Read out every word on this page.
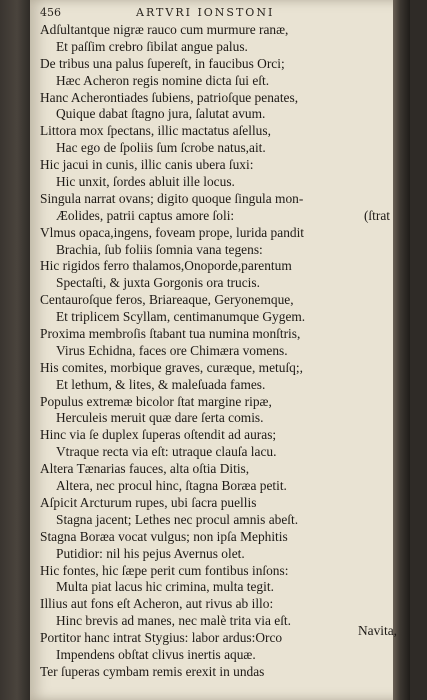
456	ARTVRI IONSTONI
Adſultantque nigræ rauco cum murmure ranæ,
Et paſſim crebro ſibilat angue palus.
De tribus una palus ſupereſt, in faucibus Orci;
Hæc Acheron regis nomine dicta ſui eſt.
Hanc Acherontiades ſubiens, patrioſque penates,
Quique dabat ſtagno jura, ſalutat avum.
Littora mox ſpectans, illic mactatus aſellus,
Hac ego de ſpoliis ſum ſcrobe natus,ait.
Hic jacui in cunis, illic canis ubera ſuxi:
Hic unxit, ſordes abluit ille locus.
Singula narrat ovans; digito quoque ſingula mon-
Æolides, patrii captus amore ſoli:	(ſtrat
Vlmus opaca,ingens, foveam prope, lurida pandit
Brachia, ſub foliis ſomnia vana tegens:
Hic rigidos ferro thalamos,Onoporde,parentum
Spectaſti, & juxta Gorgonis ora trucis.
Centauroſque feros, Briareaque, Geryonemque,
Et triplicem Scyllam, centimanumque Gygem.
Proxima membroſis ſtabant tua numina monſtris,
Virus Echidna, faces ore Chimæra vomens.
His comites, morbique graves, curæque, metuſq;,
Et lethum, & lites, & maleſuada fames.
Populus extremæ bicolor ſtat margine ripæ,
Herculeis meruit quæ dare ſerta comis.
Hinc via ſe duplex ſuperas oſtendit ad auras;
Vtraque recta via eſt: utraque clauſa lacu.
Altera Tænarias fauces, alta oſtia Ditis,
Altera, nec procul hinc, ſtagna Boræa petit.
Aſpicit Arcturum rupes, ubi ſacra puellis
Stagna jacent; Lethes nec procul amnis abeſt.
Stagna Boræa vocat vulgus; non ipſa Mephitis
Putidior: nil his pejus Avernus olet.
Hic fontes, hic ſæpe perit cum fontibus inſons:
Multa piat lacus hic crimina, multa tegit.
Illius aut fons eſt Acheron, aut rivus ab illo:
Hinc brevis ad manes, nec malè trita via eſt.
Portitor hanc intrat Stygius: labor ardus:Orco
Impendens obſtat clivus inertis aquæ.
Ter ſuperas cymbam remis erexit in undas
Navita,
